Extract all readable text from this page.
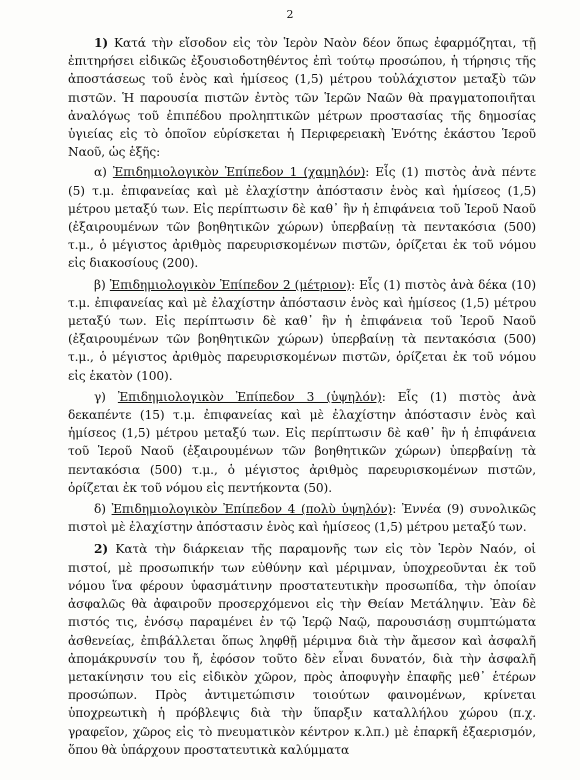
2

1) Κατά τὴν εἴσοδον εἰς τὸν Ἱερὸν Ναὸν δέον ὅπως ἐφαρμόζηται, τῇ ἐπιτηρήσει εἰδικῶς ἐξουσιοδοτηθέντος ἐπὶ τούτῳ προσώπου, ἡ τήρησις τῆς ἀποστάσεως τοῦ ἑνὸς καὶ ἡμίσεος (1,5) μέτρου τοὐλάχιστον μεταξὺ τῶν πιστῶν. Ἡ παρουσία πιστῶν ἐντὸς τῶν Ἱερῶν Ναῶν θὰ πραγματοποιῆται ἀναλόγως τοῦ ἐπιπέδου προληπτικῶν μέτρων προστασίας τῆς δημοσίας ὑγιείας εἰς τὸ ὁποῖον εὑρίσκεται ἡ Περιφερειακὴ Ἑνότης ἑκάστου Ἱεροῦ Ναοῦ, ὡς ἑξῆς:

α) Ἐπιδημιολογικὸν Ἐπίπεδον 1 (χαμηλόν): Εἷς (1) πιστὸς ἀνὰ πέντε (5) τ.μ. ἐπιφανείας καὶ μὲ ἐλαχίστην ἀπόστασιν ἑνὸς καὶ ἡμίσεος (1,5) μέτρου μεταξύ των. Εἰς περίπτωσιν δὲ καθ᾽ ἣν ἡ ἐπιφάνεια τοῦ Ἱεροῦ Ναοῦ (ἐξαιρουμένων τῶν βοηθητικῶν χώρων) ὑπερβαίνῃ τὰ πεντακόσια (500) τ.μ., ὁ μέγιστος ἀριθμὸς παρευρισκομένων πιστῶν, ὁρίζεται ἐκ τοῦ νόμου εἰς διακοσίους (200).

β) Ἐπιδημιολογικὸν Ἐπίπεδον 2 (μέτριον): Εἷς (1) πιστὸς ἀνὰ δέκα (10) τ.μ. ἐπιφανείας καὶ μὲ ἐλαχίστην ἀπόστασιν ἑνὸς καὶ ἡμίσεος (1,5) μέτρου μεταξύ των. Εἰς περίπτωσιν δὲ καθ᾽ ἣν ἡ ἐπιφάνεια τοῦ Ἱεροῦ Ναοῦ (ἐξαιρουμένων τῶν βοηθητικῶν χώρων) ὑπερβαίνῃ τὰ πεντακόσια (500) τ.μ., ὁ μέγιστος ἀριθμὸς παρευρισκομένων πιστῶν, ὁρίζεται ἐκ τοῦ νόμου εἰς ἑκατὸν (100).

γ) Ἐπιδημιολογικὸν Ἐπίπεδον 3 (ὑψηλόν): Εἷς (1) πιστὸς ἀνὰ δεκαπέντε (15) τ.μ. ἐπιφανείας καὶ μὲ ἐλαχίστην ἀπόστασιν ἑνὸς καὶ ἡμίσεος (1,5) μέτρου μεταξύ των. Εἰς περίπτωσιν δὲ καθ᾽ ἣν ἡ ἐπιφάνεια τοῦ Ἱεροῦ Ναοῦ (ἐξαιρουμένων τῶν βοηθητικῶν χώρων) ὑπερβαίνῃ τὰ πεντακόσια (500) τ.μ., ὁ μέγιστος ἀριθμὸς παρευρισκομένων πιστῶν, ὁρίζεται ἐκ τοῦ νόμου εἰς πεντήκοντα (50).

δ) Ἐπιδημιολογικὸν Ἐπίπεδον 4 (πολὺ ὑψηλόν): Ἐννέα (9) συνολικῶς πιστοὶ μὲ ἐλαχίστην ἀπόστασιν ἑνὸς καὶ ἡμίσεος (1,5) μέτρου μεταξύ των.

2) Κατὰ τὴν διάρκειαν τῆς παραμονῆς των εἰς τὸν Ἱερὸν Ναόν, οἱ πιστοί, μὲ προσωπικήν των εὐθύνην καὶ μέριμναν, ὑποχρεοῦνται ἐκ τοῦ νόμου ἵνα φέρουν ὑφασμάτινην προστατευτικὴν προσωπίδα, τὴν ὁποίαν ἀσφαλῶς θὰ ἀφαιροῦν προσερχόμενοι εἰς τὴν Θείαν Μετάληψιν. Ἐὰν δὲ πιστός τις, ἐνόσῳ παραμένει ἐν τῷ Ἱερῷ Ναῷ, παρουσιάσῃ συμπτώματα ἀσθενείας, ἐπιβάλλεται ὅπως ληφθῇ μέριμνα διὰ τὴν ἄμεσον καὶ ἀσφαλῆ ἀπομάκρυνσίν του ἤ, ἐφόσον τοῦτο δὲν εἶναι δυνατόν, διὰ τὴν ἀσφαλῆ μετακίνησιν του εἰς εἰδικὸν χῶρον, πρὸς ἀποφυγὴν ἐπαφῆς μεθ᾽ ἑτέρων προσώπων. Πρὸς ἀντιμετώπισιν τοιούτων φαινομένων, κρίνεται ὑποχρεωτικὴ ἡ πρόβλεψις διὰ τὴν ὕπαρξιν καταλλήλου χώρου (π.χ. γραφεῖον, χῶρος εἰς τὸ πνευματικὸν κέντρον κ.λπ.) μὲ ἐπαρκῆ ἐξαερισμόν, ὅπου θὰ ὑπάρχουν προστατευτικὰ καλύμματα
